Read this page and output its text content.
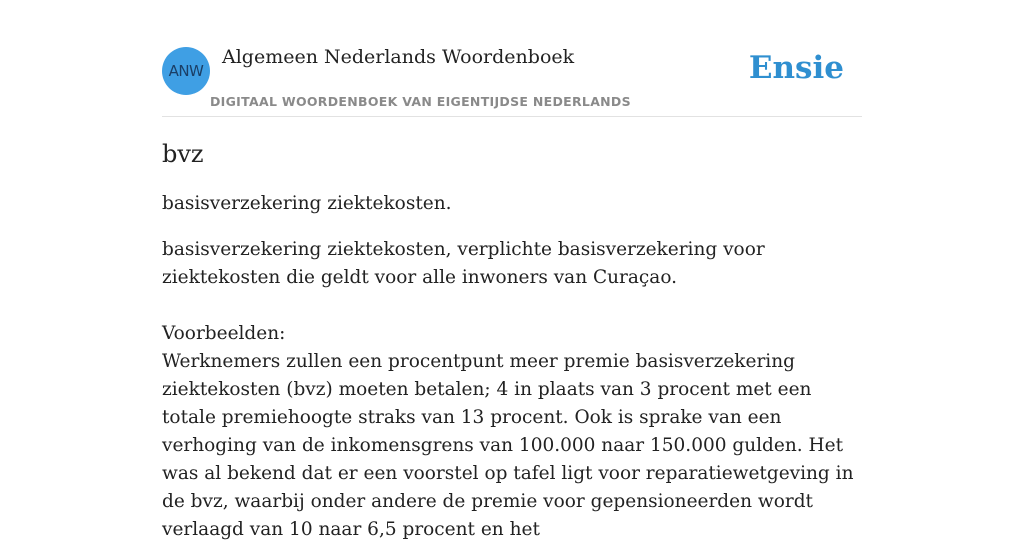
ANW
Algemeen Nederlands Woordenboek
DIGITAAL WOORDENBOEK VAN EIGENTIJDSE NEDERLANDS
Ensie
bvz

basisverzekering ziektekosten.

basisverzekering ziektekosten, verplichte basisverzekering voor ziektekosten die geldt voor alle inwoners van Curaçao.

Voorbeelden:

Werknemers zullen een procentpunt meer premie basisverzekering ziektekosten (bvz) moeten betalen; 4 in plaats van 3 procent met een totale premiehoogte straks van 13 procent. Ook is sprake van een verhoging van de inkomensgrens van 100.000 naar 150.000 gulden. Het was al bekend dat er een voorstel op tafel ligt voor reparatiewetgeving in de bvz, waarbij onder andere de premie voor gepensioneerden wordt verlaagd van 10 naar 6,5 procent en het
